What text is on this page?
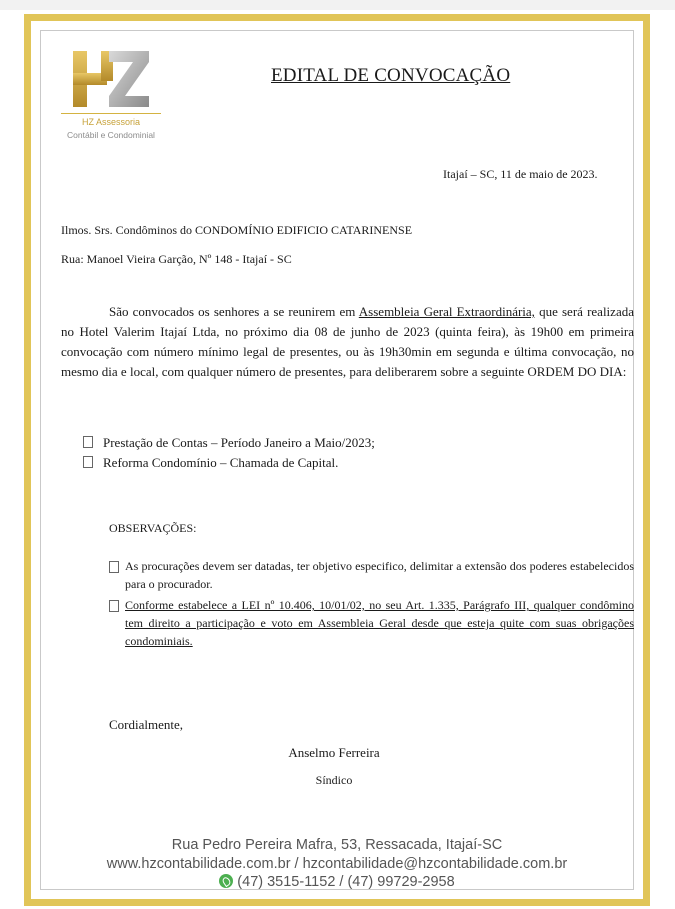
HZ Assessoria
Contábil e Condominial
EDITAL DE CONVOCAÇÃO
Itajaí – SC, 11 de maio de 2023.
Ilmos. Srs. Condôminos do CONDOMÍNIO EDIFICIO CATARINENSE
Rua: Manoel Vieira Garção, Nº 148 - Itajaí - SC

São convocados os senhores a se reunirem em Assembleia Geral Extraordinária, que será realizada no Hotel Valerim Itajaí Ltda, no próximo dia 08 de junho de 2023 (quinta feira), às 19h00 em primeira convocação com número mínimo legal de presentes, ou às 19h30min em segunda e última convocação, no mesmo dia e local, com qualquer número de presentes, para deliberarem sobre a seguinte ORDEM DO DIA:

Prestação de Contas – Período Janeiro a Maio/2023;
Reforma Condomínio – Chamada de Capital.
OBSERVAÇÕES:
As procurações devem ser datadas, ter objetivo especifico, delimitar a extensão dos poderes estabelecidos para o procurador.
Conforme estabelece a LEI nº 10.406, 10/01/02, no seu Art. 1.335, Parágrafo III, qualquer condômino tem direito a participação e voto em Assembleia Geral desde que esteja quite com suas obrigações condominiais.
Cordialmente,
Anselmo Ferreira
Síndico
Rua Pedro Pereira Mafra, 53, Ressacada, Itajaí-SC
www.hzcontabilidade.com.br / hzcontabilidade@hzcontabilidade.com.br
(47) 3515-1152 / (47) 99729-2958
